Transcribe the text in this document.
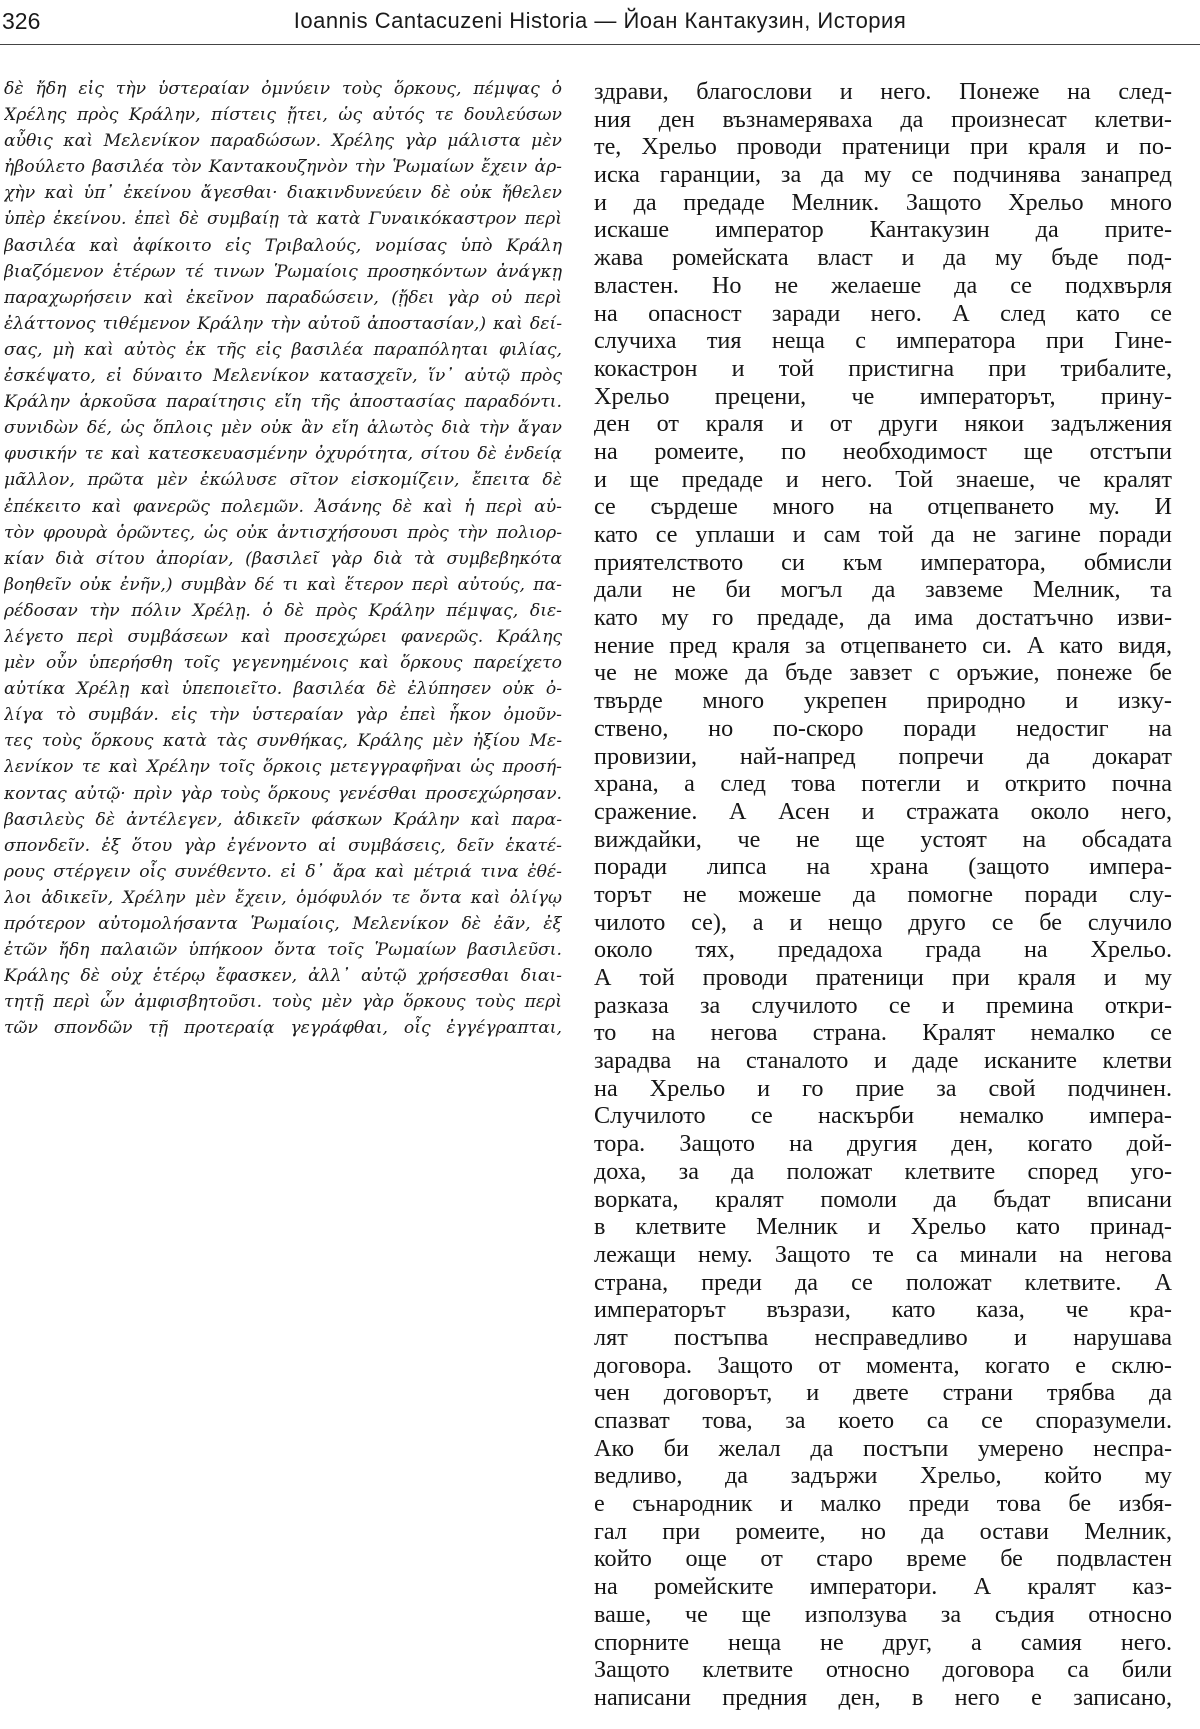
326	Ioannis Cantacuzeni Historia — Йоан Кантакузин, История
δὲ ἤδη εἰς τὴν ὑστεραίαν ὀμνύειν τοὺς ὅρκους, πέμψας ὁ
Χρέλης πρὸς Κράλην, πίστεις ᾔτει, ὡς αὐτός τε δουλεύσων
αὖθις καὶ Μελενίκον παραδώσων. Χρέλης γὰρ μάλιστα μὲν
ἠβούλετο βασιλέα τὸν Καντακουζηνὸν τὴν Ῥωμαίων ἔχειν ἀρ-
χὴν καὶ ὑπ᾿ ἐκείνου ἄγεσθαι· διακινδυνεύειν δὲ οὐκ ἤθελεν
ὑπὲρ ἐκείνου. ἐπεὶ δὲ συμβαίῃ τὰ κατὰ Γυναικόκαστρον περὶ
βασιλέα καὶ ἀφίκοιτο εἰς Τριβαλούς, νομίσας ὑπὸ Κράλη
βιαζόμενον ἑτέρων τέ τινων Ῥωμαίοις προσηκόντων ἀνάγκῃ
παραχωρήσειν καὶ ἐκεῖνον παραδώσειν, (ᾔδει γὰρ οὐ περὶ
ἐλάττονος τιθέμενον Κράλην τὴν αὐτοῦ ἀποστασίαν,) καὶ δεί-
σας, μὴ καὶ αὐτὸς ἐκ τῆς εἰς βασιλέα παραπόληται φιλίας,
ἐσκέψατο, εἰ δύναιτο Μελενίκον κατασχεῖν, ἵν᾿ αὐτῷ πρὸς
Κράλην ἀρκοῦσα παραίτησις εἴη τῆς ἀποστασίας παραδόντι.
συνιδὼν δέ, ὡς ὅπλοις μὲν οὐκ ἂν εἴη ἁλωτὸς διὰ τὴν ἄγαν
φυσικήν τε καὶ κατεσκευασμένην ὀχυρότητα, σίτου δὲ ἐνδείᾳ
μᾶλλον, πρῶτα μὲν ἐκώλυσε σῖτον εἰσκομίζειν, ἔπειτα δὲ
ἐπέκειτο καὶ φανερῶς πολεμῶν. Ἀσάνης δὲ καὶ ἡ περὶ αὐ-
τὸν φρουρὰ ὁρῶντες, ὡς οὐκ ἀντισχήσουσι πρὸς τὴν πολιορ-
κίαν διὰ σίτου ἀπορίαν, (βασιλεῖ γὰρ διὰ τὰ συμβεβηκότα
βοηθεῖν οὐκ ἐνῆν,) συμβὰν δέ τι καὶ ἕτερον περὶ αὐτούς, πα-
ρέδοσαν τὴν πόλιν Χρέλῃ. ὁ δὲ πρὸς Κράλην πέμψας, διε-
λέγετο περὶ συμβάσεων καὶ προσεχώρει φανερῶς. Κράλης
μὲν οὖν ὑπερήσθη τοῖς γεγενημένοις καὶ ὅρκους παρείχετο
αὐτίκα Χρέλῃ καὶ ὑπεποιεῖτο. βασιλέα δὲ ἐλύπησεν οὐκ ὀ-
λίγα τὸ συμβάν. εἰς τὴν ὑστεραίαν γὰρ ἐπεὶ ἧκον ὀμοῦν-
τες τοὺς ὅρκους κατὰ τὰς συνθήκας, Κράλης μὲν ἠξίου Με-
λενίκον τε καὶ Χρέλην τοῖς ὅρκοις μετεγγραφῆναι ὡς προσή-
κοντας αὐτῷ· πρὶν γὰρ τοὺς ὅρκους γενέσθαι προσεχώρησαν.
βασιλεὺς δὲ ἀντέλεγεν, ἀδικεῖν φάσκων Κράλην καὶ παρα-
σπονδεῖν. ἐξ ὅτου γὰρ ἐγένοντο αἱ συμβάσεις, δεῖν ἑκατέ-
ρους στέργειν οἷς συνέθεντο. εἰ δ᾿ ἄρα καὶ μέτριά τινα ἐθέ-
λοι ἀδικεῖν, Χρέλην μὲν ἔχειν, ὁμόφυλόν τε ὄντα καὶ ὀλίγῳ
πρότερον αὐτομολήσαντα Ῥωμαίοις, Μελενίκον δὲ ἐᾶν, ἐξ
ἐτῶν ἤδη παλαιῶν ὑπήκοον ὄντα τοῖς Ῥωμαίων βασιλεῦσι.
Κράλης δὲ οὐχ ἑτέρῳ ἔφασκεν, ἀλλ᾿ αὐτῷ χρήσεσθαι διαι-
τητῇ περὶ ὧν ἀμφισβητοῦσι. τοὺς μὲν γὰρ ὅρκους τοὺς περὶ
τῶν σπονδῶν τῇ προτεραίᾳ γεγράφθαι, οἷς ἐγγέγραπται,
здрави, благослови и него. Понеже на след-
ния ден възнамеряваха да произнесат клетви-
те, Хрельо проводи пратеници при краля и по-
иска гаранции, за да му се подчинява занапред
и да предаде Мелник. Защото Хрельо много
искаше император Кантакузин да прите-
жава ромейската власт и да му бъде под-
властен. Но не желаеше да се подхвърля
на опасност заради него. А след като се
случиха тия неща с императора при Гине-
кокастрон и той пристигна при трибалите,
Хрельо прецени, че императорът, прину-
ден от краля и от други някои задължения
на ромеите, по необходимост ще отстъпи
и ще предаде и него. Той знаеше, че кралят
се сърдеше много на отцепването му. И
като се уплаши и сам той да не загине поради
приятелството си към императора, обмисли
дали не би могъл да завземе Мелник, та
като му го предаде, да има достатъчно изви-
нение пред краля за отцепването си. А като видя,
че не може да бъде завзет с оръжие, понеже бе
твърде много укрепен природно и изку-
ствено, но по-скоро поради недостиг на
провизии, най-напред попречи да докарат
храна, а след това потегли и открито почна
сражение. А Асен и стражата около него,
виждайки, че не ще устоят на обсадата
поради липса на храна (защото импера-
торът не можеше да помогне поради слу-
чилото се), а и нещо друго се бе случило
около тях, предадоха града на Хрельо.
А той проводи пратеници при краля и му
разказа за случилото се и премина откри-
то на негова страна. Кралят немалко се
зарадва на станалото и даде исканите клетви
на Хрельо и го прие за свой подчинен.
Случилото се наскърби немалко импера-
тора. Защото на другия ден, когато дой-
доха, за да положат клетвите според уго-
ворката, кралят помоли да бъдат вписани
в клетвите Мелник и Хрельо като принад-
лежащи нему. Защото те са минали на негова
страна, преди да се положат клетвите. А
императорът възрази, като каза, че кра-
лят постъпва несправедливо и нарушава
договора. Защото от момента, когато е склю-
чен договорът, и двете страни трябва да
спазват това, за което са се споразумели.
Ако би желал да постъпи умерено неспра-
ведливо, да задържи Хрельо, който му
е сънародник и малко преди това бе избя-
гал при ромеите, но да остави Мелник,
който още от старо време бе подвластен
на ромейските императори. А кралят каз-
ваше, че ще използува за съдия относно
спорните неща не друг, а самия него.
Защото клетвите относно договора са били
написани предния ден, в него е записано,
